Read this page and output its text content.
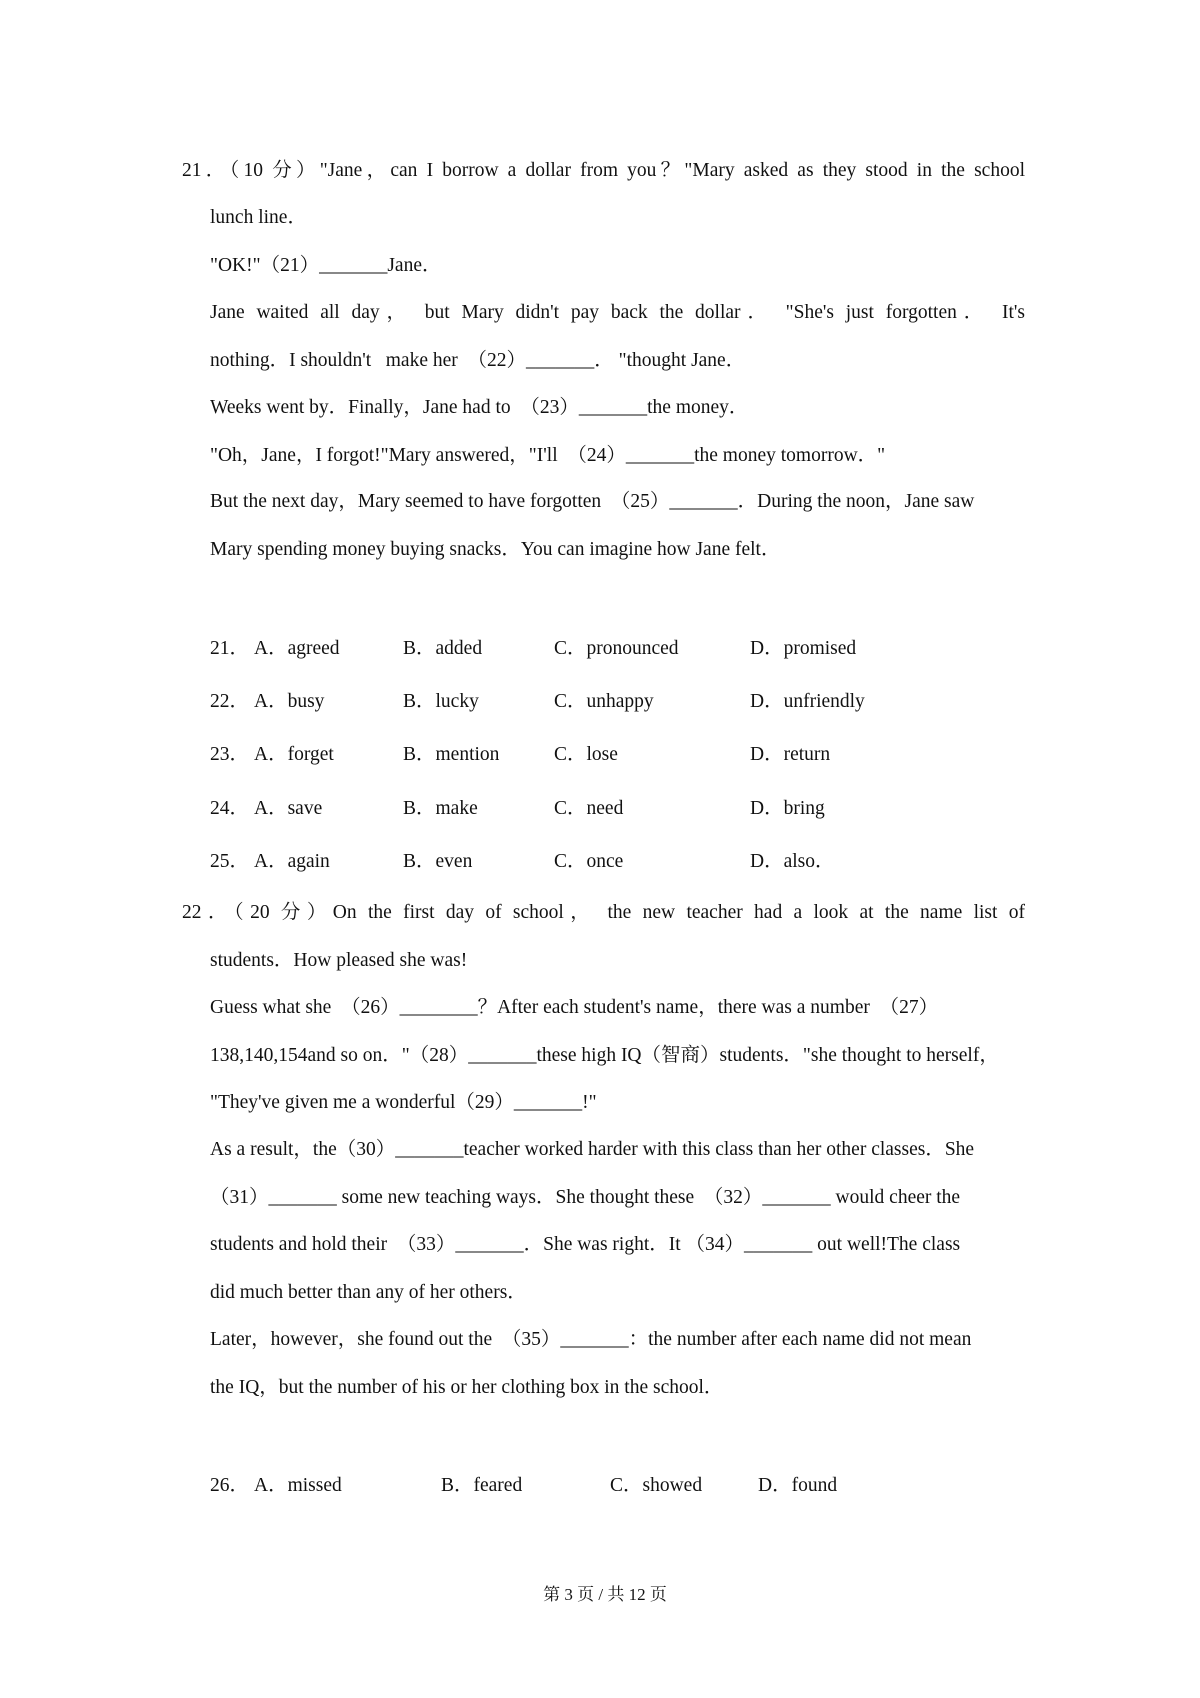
21．（10 分）"Jane，can I borrow a dollar from you？"Mary asked as they stood in the school
lunch line．
"OK!"（21）_______Jane．
Jane waited all day， but Mary didn't pay back the dollar． "She's just forgotten． It's
nothing．I shouldn't   make her  （22）_______． "thought Jane．
Weeks went by．Finally，Jane had to  （23）_______the money．
"Oh，Jane，I forgot!"Mary answered，"I'll  （24）_______the money tomorrow．"
But the next day，Mary seemed to have forgotten  （25）_______．During the noon，Jane saw
Mary spending money buying snacks．You can imagine how Jane felt．
21． A．agreed	B．added	C．pronounced	D．promised
22． A．busy	B．lucky	C．unhappy	D．unfriendly
23． A．forget	B．mention	C．lose	D．return
24． A．save	B．make	C．need	D．bring
25． A．again	B．even	C．once	D．also．
22．（20 分）On the first day of school， the new teacher had a look at the name list of
students．How pleased she was!
Guess what she  （26）________？After each student's name，there was a number  （27）
138,140,154and so on．"（28）_______these high IQ（智商）students．"she thought to herself，
"They've given me a wonderful（29）_______!"
As a result，the（30）_______teacher worked harder with this class than her other classes．She
（31）_______ some new teaching ways．She thought these  （32）_______ would cheer the
students and hold their  （33）_______．She was right．It （34）_______ out well!The class
did much better than any of her others．
Later，however，she found out the  （35）_______：the number after each name did not mean
the IQ，but the number of his or her clothing box in the school．
26． A．missed	B．feared	C．showed	D．found
第 3 页 / 共 12 页
